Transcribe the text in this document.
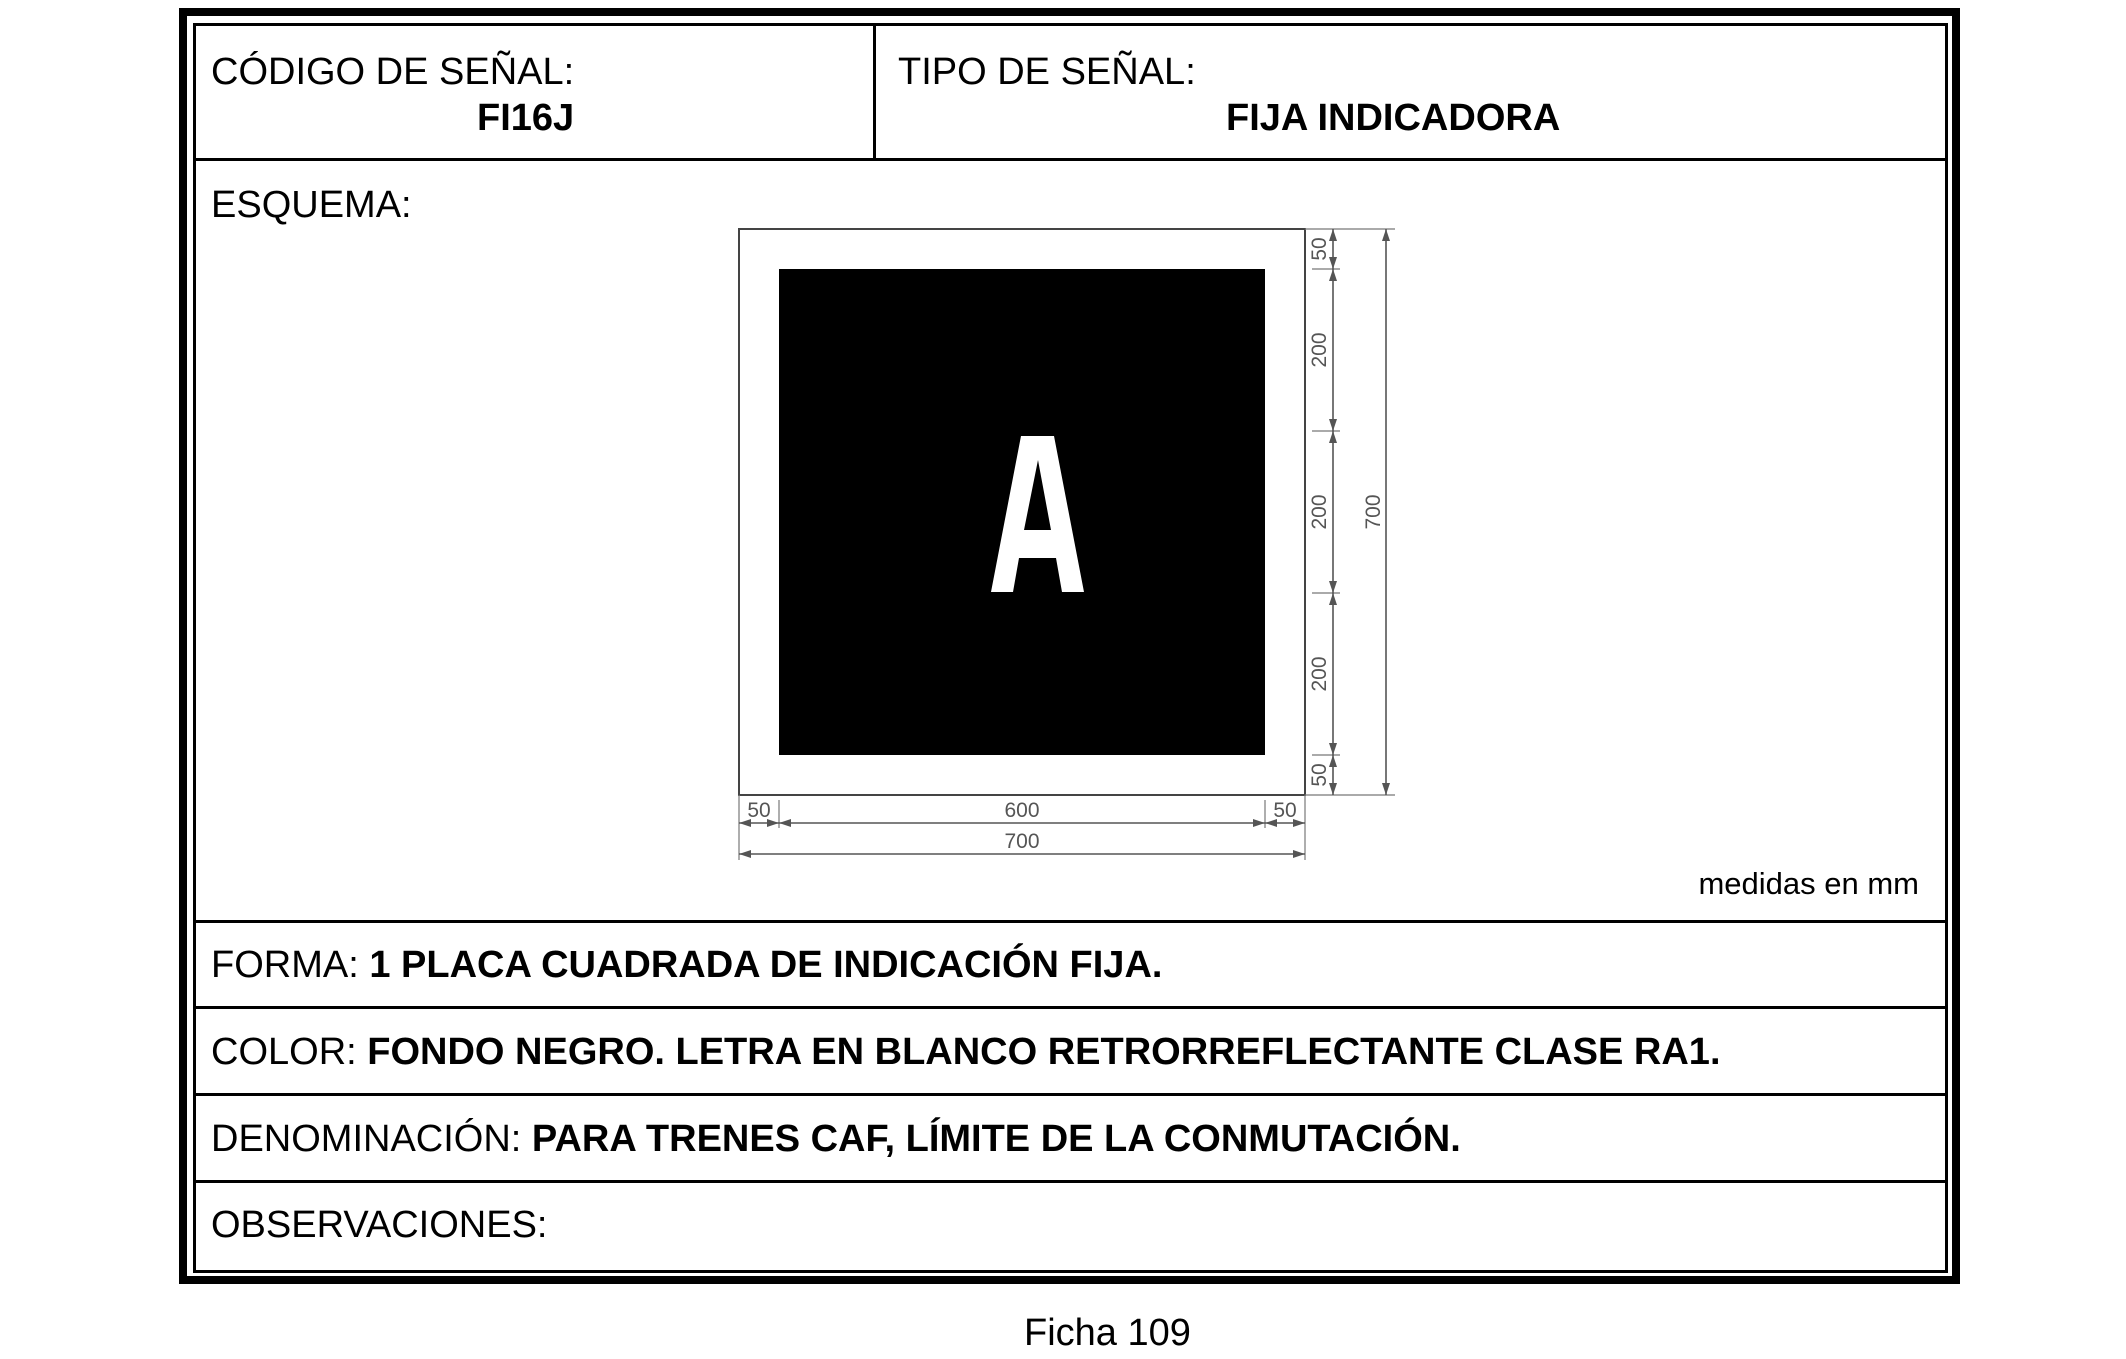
CÓDIGO DE SEÑAL:
FI16J
TIPO DE SEÑAL:
FIJA INDICADORA
ESQUEMA:
50
200
200
200
50
700
50	600	50
700
medidas en mm
FORMA: 1 PLACA CUADRADA DE INDICACIÓN FIJA.
COLOR: FONDO NEGRO. LETRA EN BLANCO RETRORREFLECTANTE CLASE RA1.
DENOMINACIÓN: PARA TRENES CAF, LÍMITE DE LA CONMUTACIÓN.
OBSERVACIONES:
Ficha 109
